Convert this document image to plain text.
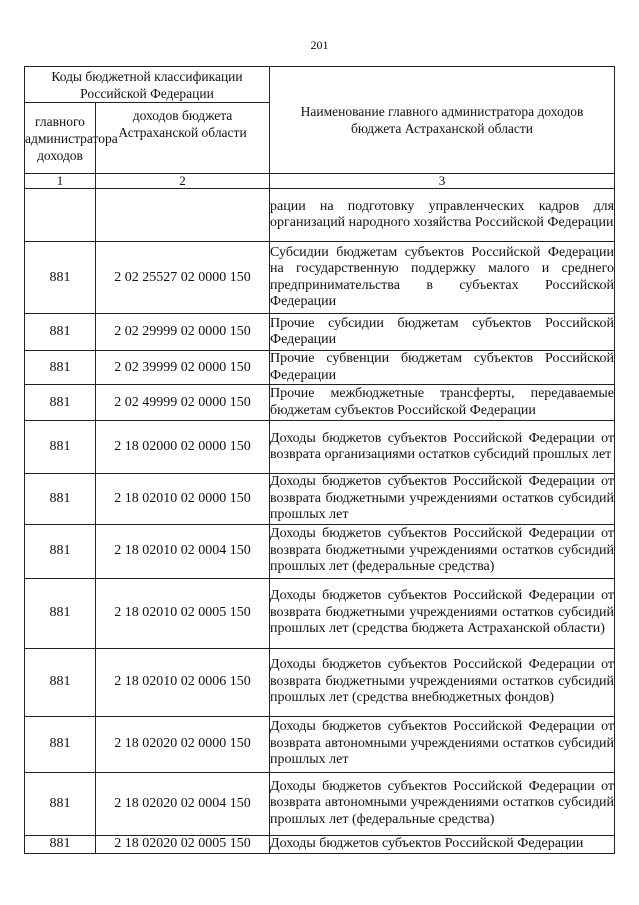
201
Коды бюджетной классификации Российской Федерации		Наименование главного администратора доходов бюджета Астраханской области
главного администратора доходов	доходов бюджета Астраханской области	
1	2	3
		рации на подготовку управленческих кадров для организаций народного хозяйства Российской Федерации
881	2 02 25527 02 0000 150	Субсидии бюджетам субъектов Российской Федерации на государственную поддержку малого и среднего предпринимательства в субъектах Российской Федерации
881	2 02 29999 02 0000 150	Прочие субсидии бюджетам субъектов Российской Федерации
881	2 02 39999 02 0000 150	Прочие субвенции бюджетам субъектов Российской Федерации
881	2 02 49999 02 0000 150	Прочие межбюджетные трансферты, передаваемые бюджетам субъектов Российской Федерации
881	2 18 02000 02 0000 150	Доходы бюджетов субъектов Российской Федерации от возврата организациями остатков субсидий прошлых лет
881	2 18 02010 02 0000 150	Доходы бюджетов субъектов Российской Федерации от возврата бюджетными учреждениями остатков субсидий прошлых лет
881	2 18 02010 02 0004 150	Доходы бюджетов субъектов Российской Федерации от возврата бюджетными учреждениями остатков субсидий прошлых лет (федеральные средства)
881	2 18 02010 02 0005 150	Доходы бюджетов субъектов Российской Федерации от возврата бюджетными учреждениями остатков субсидий прошлых лет (средства бюджета Астраханской области)
881	2 18 02010 02 0006 150	Доходы бюджетов субъектов Российской Федерации от возврата бюджетными учреждениями остатков субсидий прошлых лет (средства внебюджетных фондов)
881	2 18 02020 02 0000 150	Доходы бюджетов субъектов Российской Федерации от возврата автономными учреждениями остатков субсидий прошлых лет
881	2 18 02020 02 0004 150	Доходы бюджетов субъектов Российской Федерации от возврата автономными учреждениями остатков субсидий прошлых лет (федеральные средства)
881	2 18 02020 02 0005 150	Доходы бюджетов субъектов Российской Федерации
